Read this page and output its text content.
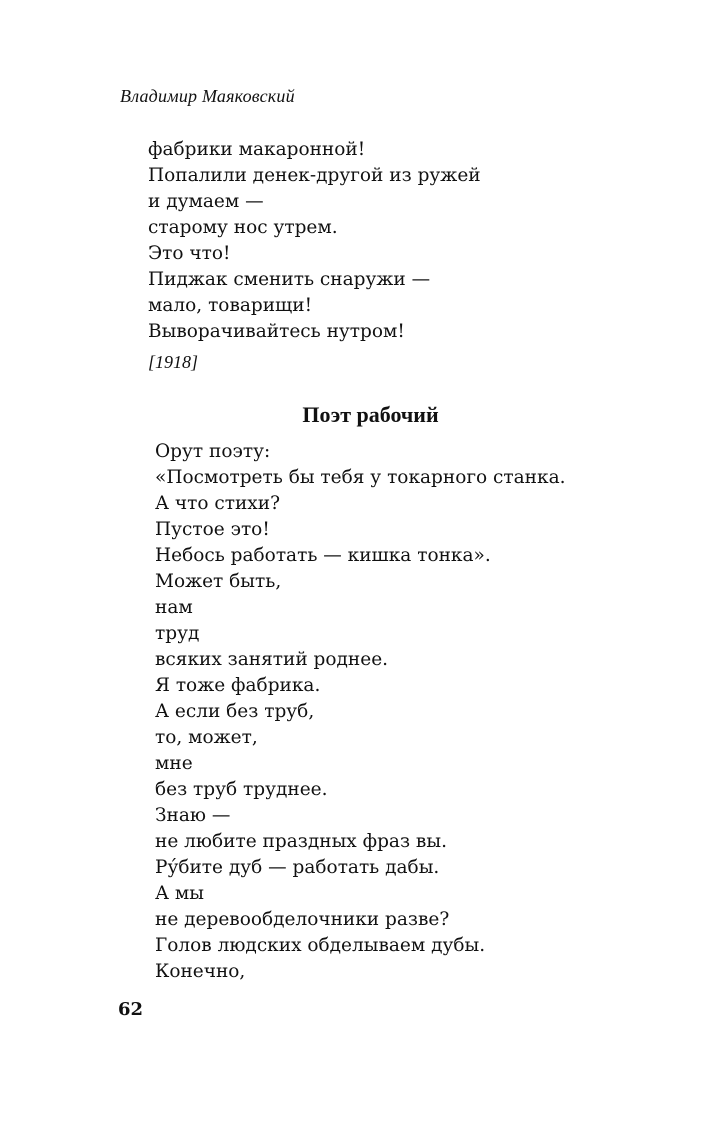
Владимир Маяковский
фабрики макаронной!
Попалили денек-другой из ружей
и думаем —
старому нос утрем.
Это что!
Пиджак сменить снаружи —
мало, товарищи!
Выворачивайтесь нутром!
[1918]
Поэт рабочий
Орут поэту:
«Посмотреть бы тебя у токарного станка.
А что стихи?
Пустое это!
Небось работать — кишка тонка».
Может быть,
нам
труд
всяких занятий роднее.
Я тоже фабрика.
А если без труб,
то, может,
мне
без труб труднее.
Знаю —
не любите праздных фраз вы.
Ру́бите дуб — работать дабы.
А мы
не деревообделочники разве?
Голов людских обделываем дубы.
Конечно,
62
